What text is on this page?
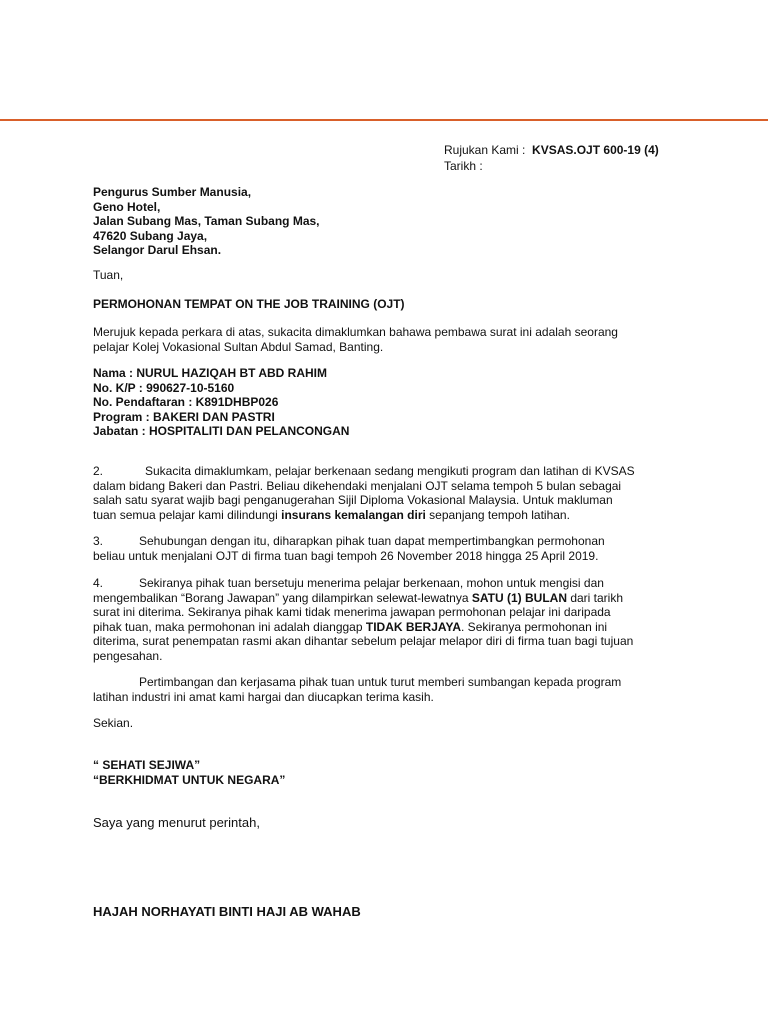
Rujukan Kami : KVSAS.OJT 600-19 (4)
Tarikh :
Pengurus Sumber Manusia,
Geno Hotel,
Jalan Subang Mas, Taman Subang Mas,
47620 Subang Jaya,
Selangor Darul Ehsan.
Tuan,
PERMOHONAN TEMPAT ON THE JOB TRAINING (OJT)
Merujuk kepada perkara di atas, sukacita dimaklumkan bahawa pembawa surat ini adalah seorang
pelajar Kolej Vokasional Sultan Abdul Samad, Banting.
Nama : NURUL HAZIQAH BT ABD RAHIM
No. K/P : 990627-10-5160
No. Pendaftaran : K891DHBP026
Program : BAKERI DAN PASTRI
Jabatan : HOSPITALITI DAN PELANCONGAN
2.	Sukacita dimaklumkam, pelajar berkenaan sedang mengikuti program dan latihan di KVSAS
dalam bidang Bakeri dan Pastri. Beliau dikehendaki menjalani OJT selama tempoh 5 bulan sebagai
salah satu syarat wajib bagi penganugerahan Sijil Diploma Vokasional Malaysia. Untuk makluman
tuan semua pelajar kami dilindungi insurans kemalangan diri sepanjang tempoh latihan.
3.	Sehubungan dengan itu, diharapkan pihak tuan dapat mempertimbangkan permohonan
beliau untuk menjalani OJT di firma tuan bagi tempoh 26 November 2018 hingga 25 April 2019.
4.	Sekiranya pihak tuan bersetuju menerima pelajar berkenaan, mohon untuk mengisi dan
mengembalikan “Borang Jawapan” yang dilampirkan selewat-lewatnya SATU (1) BULAN dari tarikh
surat ini diterima. Sekiranya pihak kami tidak menerima jawapan permohonan pelajar ini daripada
pihak tuan, maka permohonan ini adalah dianggap TIDAK BERJAYA. Sekiranya permohonan ini
diterima, surat penempatan rasmi akan dihantar sebelum pelajar melapor diri di firma tuan bagi tujuan
pengesahan.
Pertimbangan dan kerjasama pihak tuan untuk turut memberi sumbangan kepada program
latihan industri ini amat kami hargai dan diucapkan terima kasih.
Sekian.
“ SEHATI SEJIWA”
“BERKHIDMAT UNTUK NEGARA”
Saya yang menurut perintah,
HAJAH NORHAYATI BINTI HAJI AB WAHAB
